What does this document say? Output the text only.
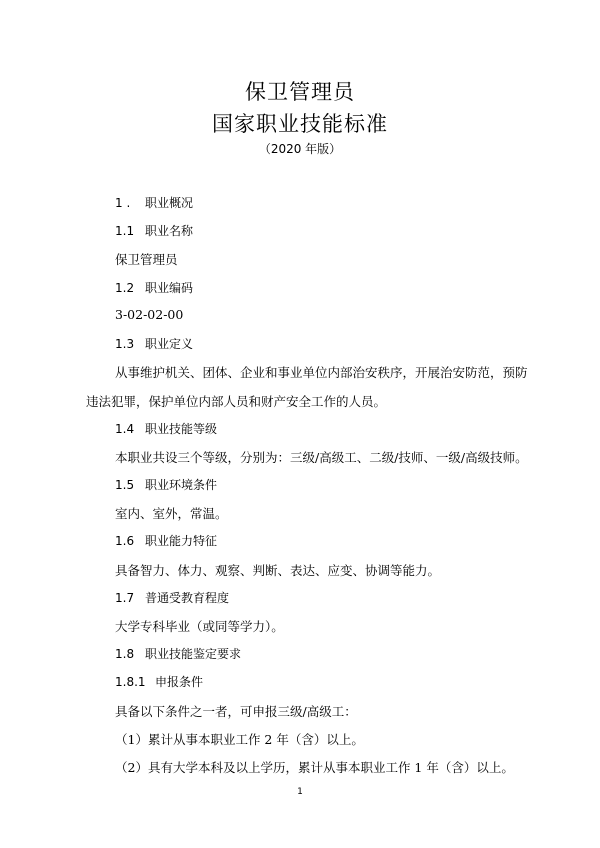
保卫管理员
国家职业技能标准
（2020 年版）
1 . 职业概况
1.1 职业名称
保卫管理员
1.2 职业编码
3-02-02-00
1.3 职业定义
从事维护机关、团体、企业和事业单位内部治安秩序，开展治安防范，预防
违法犯罪，保护单位内部人员和财产安全工作的人员。
1.4 职业技能等级
本职业共设三个等级，分别为：三级/高级工、二级/技师、一级/高级技师。
1.5 职业环境条件
室内、室外，常温。
1.6 职业能力特征
具备智力、体力、观察、判断、表达、应变、协调等能力。
1.7 普通受教育程度
大学专科毕业（或同等学力）。
1.8 职业技能鉴定要求
1.8.1 申报条件
具备以下条件之一者，可申报三级/高级工：
（1）累计从事本职业工作 2 年（含）以上。
（2）具有大学本科及以上学历，累计从事本职业工作 1 年（含）以上。
1
